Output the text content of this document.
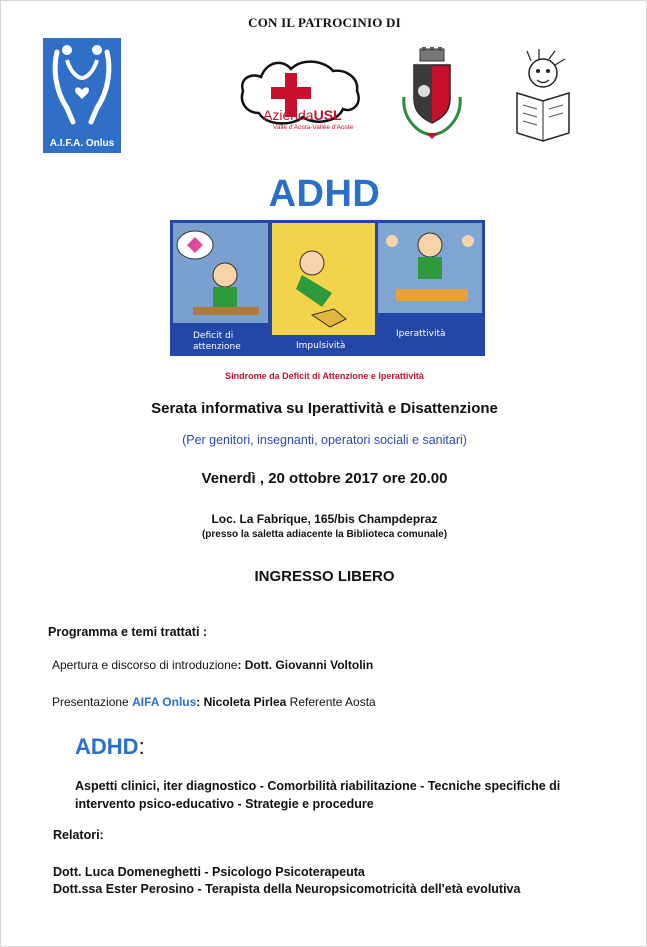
CON IL PATROCINIO DI
A.I.F.A. Onlus
AziendaUSL
Valle d'Aosta-Vallée d'Aoste
ADHD
Deficit di
attenzione	Impulsività
Iperattività
Sindrome da Deficit di Attenzione e Iperattività
Serata informativa su Iperattività e Disattenzione
(Per genitori, insegnanti, operatori sociali e sanitari)
Venerdì , 20 ottobre 2017 ore 20.00
Loc. La Fabrique, 165/bis Champdepraz
(presso la saletta adiacente la Biblioteca comunale)
INGRESSO LIBERO
Programma e temi trattati :
Apertura e discorso di introduzione: Dott. Giovanni Voltolin
Presentazione AIFA Onlus: Nicoleta Pirlea Referente Aosta
ADHD:
Aspetti clinici, iter diagnostico - Comorbilità riabilitazione - Tecniche specifiche di intervento psico-educativo - Strategie e procedure
Relatori:
Dott. Luca Domeneghetti - Psicologo Psicoterapeuta
Dott.ssa Ester Perosino - Terapista della Neuropsicomotricità dell'età evolutiva
